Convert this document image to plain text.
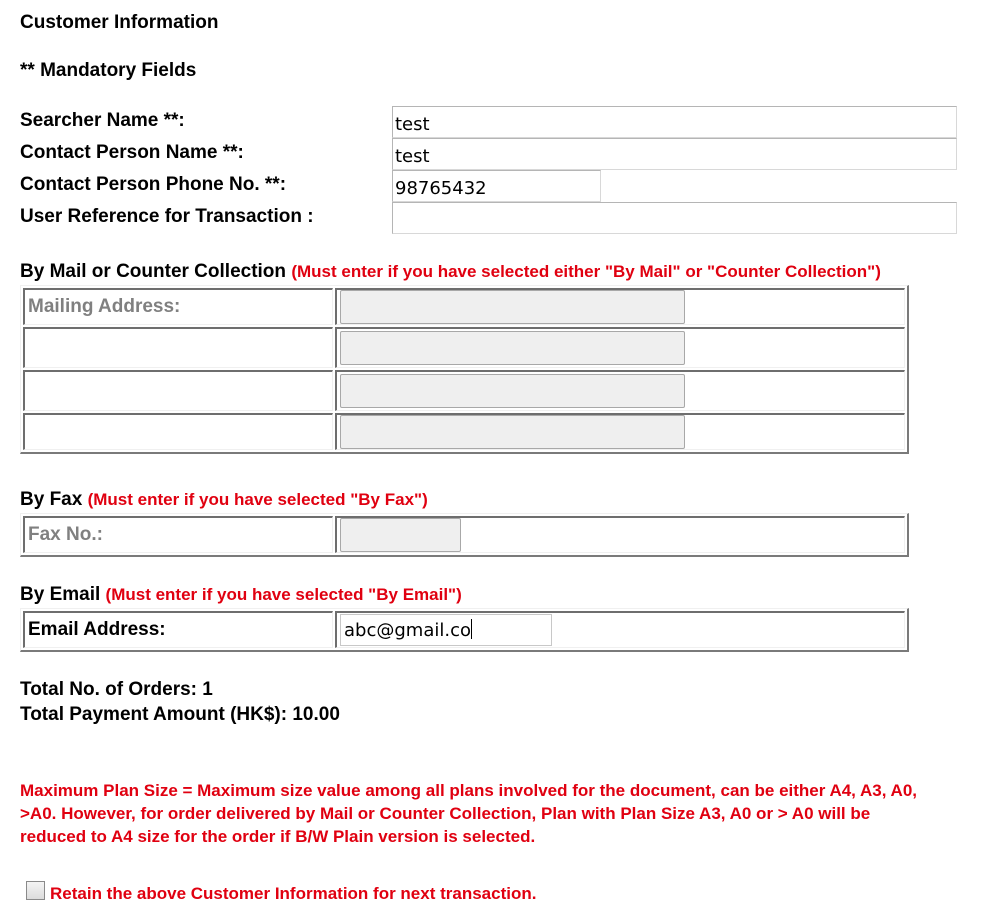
Customer Information
** Mandatory Fields
Searcher Name **:
test
Contact Person Name **:
test
Contact Person Phone No. **:
98765432
User Reference for Transaction :
By Mail or Counter Collection (Must enter if you have selected either "By Mail" or "Counter Collection")
Mailing Address:	

By Fax (Must enter if you have selected "By Fax")
Fax No.:	
By Email (Must enter if you have selected "By Email")
Email Address:	abc@gmail.co
Total No. of Orders: 1
Total Payment Amount (HK$): 10.00
Maximum Plan Size = Maximum size value among all plans involved for the document, can be either A4, A3, A0, >A0. However, for order delivered by Mail or Counter Collection, Plan with Plan Size A3, A0 or > A0 will be reduced to A4 size for the order if B/W Plain version is selected.
Retain the above Customer Information for next transaction.
